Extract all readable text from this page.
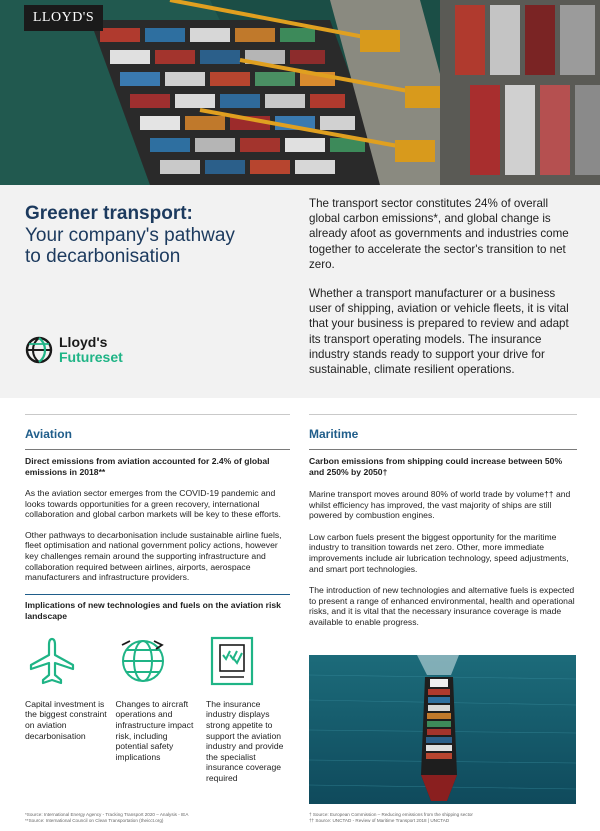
LLOYD'S
Greener transport:
Your company's pathway
to decarbonisation
Lloyd's
Futureset

The transport sector constitutes 24% of overall global carbon emissions*, and global change is already afoot as governments and industries come together to accelerate the sector's transition to net zero.

Whether a transport manufacturer or a business user of shipping, aviation or vehicle fleets, it is vital that your business is prepared to review and adapt its transport operating models. The insurance industry stands ready to support your drive for sustainable, climate resilient operations.

Aviation
Direct emissions from aviation accounted for 2.4% of global emissions in 2018**
As the aviation sector emerges from the COVID-19 pandemic and looks towards opportunities for a green recovery, international collaboration and global carbon markets will be key to these efforts.
Other pathways to decarbonisation include sustainable airline fuels, fleet optimisation and national government policy actions, however key challenges remain around the supporting infrastructure and collaboration required between airlines, airports, aerospace manufacturers and infrastructure providers.
Implications of new technologies and fuels on the aviation risk landscape
Capital investment is the biggest constraint on aviation decarbonisation
Changes to aircraft operations and infrastructure impact risk, including potential safety implications
The insurance industry displays strong appetite to support the aviation industry and provide the specialist insurance coverage required
*Source: International Energy Agency - Tracking Transport 2020 – Analysis - IEA
**Source: International Council on Clean Transportation (theicct.org)
Maritime
Carbon emissions from shipping could increase between 50% and 250% by 2050†
Marine transport moves around 80% of world trade by volume†† and whilst efficiency has improved, the vast majority of ships are still powered by combustion engines.
Low carbon fuels present the biggest opportunity for the maritime industry to transition towards net zero. Other, more immediate improvements include air lubrication technology, speed adjustments, and smart port technologies.
The introduction of new technologies and alternative fuels is expected to present a range of enhanced environmental, health and operational risks, and it is vital that the necessary insurance coverage is made available to enable progress.
† Source: European Commission – Reducing emissions from the shipping sector
†† Source: UNCTAD - Review of Maritime Transport 2018 | UNCTAD
